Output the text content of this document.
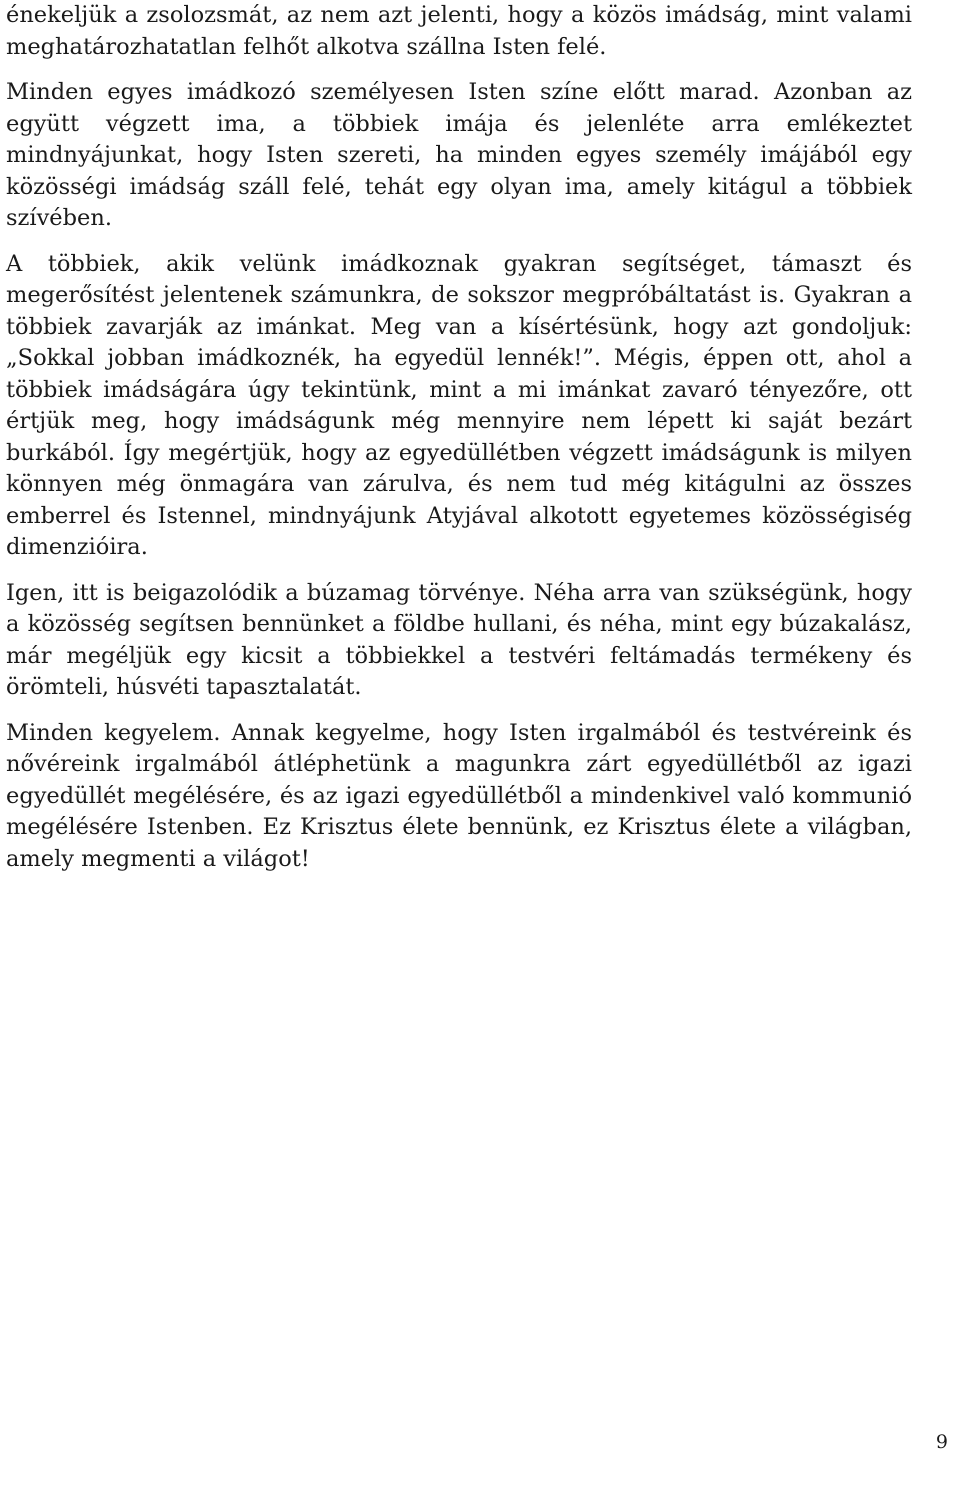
énekeljük a zsolozsmát, az nem azt jelenti, hogy a közös imádság, mint valami meghatározhatatlan felhőt alkotva szállna Isten felé.

Minden egyes imádkozó személyesen Isten színe előtt marad. Azonban az együtt végzett ima, a többiek imája és jelenléte arra emlékeztet mindnyájunkat, hogy Isten szereti, ha minden egyes személy imájából egy közösségi imádság száll felé, tehát egy olyan ima, amely kitágul a többiek szívében.

A többiek, akik velünk imádkoznak gyakran segítséget, támaszt és megerősítést jelentenek számunkra, de sokszor megpróbáltatást is. Gyakran a többiek zavarják az imánkat. Meg van a kísértésünk, hogy azt gondoljuk: „Sokkal jobban imádkoznék, ha egyedül lennék!”. Mégis, éppen ott, ahol a többiek imádságára úgy tekintünk, mint a mi imánkat zavaró tényezőre, ott értjük meg, hogy imádságunk még mennyire nem lépett ki saját bezárt burkából. Így megértjük, hogy az egyedüllétben végzett imádságunk is milyen könnyen még önmagára van zárulva, és nem tud még kitágulni az összes emberrel és Istennel, mindnyájunk Atyjával alkotott egyetemes közösségiség dimenzióira.

Igen, itt is beigazolódik a búzamag törvénye. Néha arra van szükségünk, hogy a közösség segítsen bennünket a földbe hullani, és néha, mint egy búzakalász, már megéljük egy kicsit a többiekkel a testvéri feltámadás termékeny és örömteli, húsvéti tapasztalatát.

Minden kegyelem. Annak kegyelme, hogy Isten irgalmából és testvéreink és nővéreink irgalmából átléphetünk a magunkra zárt egyedüllétből az igazi egyedüllét megélésére, és az igazi egyedüllétből a mindenkivel való kommunió megélésére Istenben. Ez Krisztus élete bennünk, ez Krisztus élete a világban, amely megmenti a világot!

9
